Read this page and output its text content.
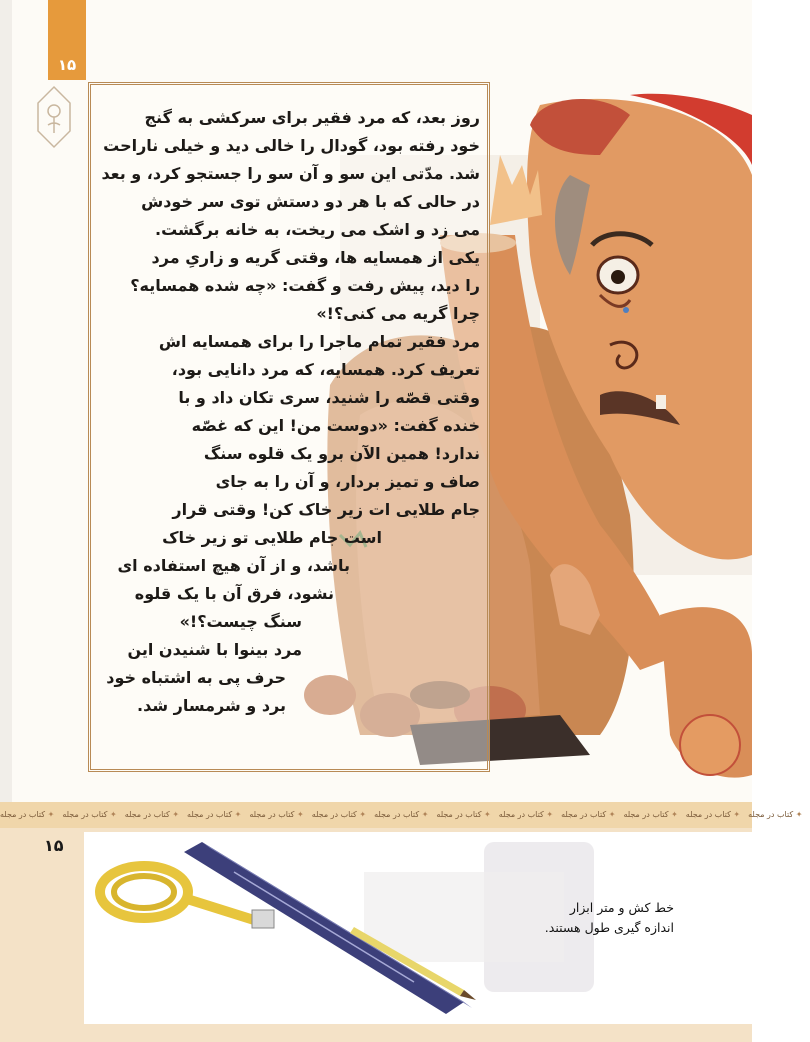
۱۵
روز بعد، که مرد فقیر برای سرکشی به گنج
خود رفته بود، گودال را خالی دید و خیلی ناراحت
شد. مدّتی این سو و آن سو را جستجو کرد، و بعد
در حالی که با هر دو دستش توی سر خودش
می زد و اشک می ریخت، به خانه برگشت.
یکی از همسایه ها، وقتی گریه و زاریِ مرد
را دید، پیش رفت و گفت: «چه شده همسایه؟
چرا گریه می کنی؟!»
مرد فقیر تمام ماجرا را برای همسایه اش
تعریف کرد. همسایه، که مرد دانایی بود،
وقتی قصّه را شنید، سری تکان داد و با
خنده گفت: «دوست من! این که غصّه
ندارد! همین الآن برو یک قلوه سنگ
صاف و تمیز بردار، و آن را به جای
جام طلایی ات زیر خاک کن! وقتی قرار
است جام طلایی تو زیر خاک
باشد، و از آن هیچ استفاده ای
نشود، فرق آن با یک قلوه
سنگ چیست؟!»
مرد بینوا با شنیدن این
حرف پی به اشتباه خود
برد و شرمسار شد.
کتاب در مجله ✦ کتاب در مجله ✦ کتاب در مجله ✦ کتاب در مجله ✦ کتاب در مجله ✦ کتاب در مجله ✦ کتاب در مجله ✦ کتاب در مجله ✦ کتاب در مجله ✦ کتاب در مجله ✦ کتاب در مجله ✦ کتاب در مجله ✦ کتاب در مجله ✦
۱۵
خط کش و متر ابزار
اندازه گیری طول هستند.
